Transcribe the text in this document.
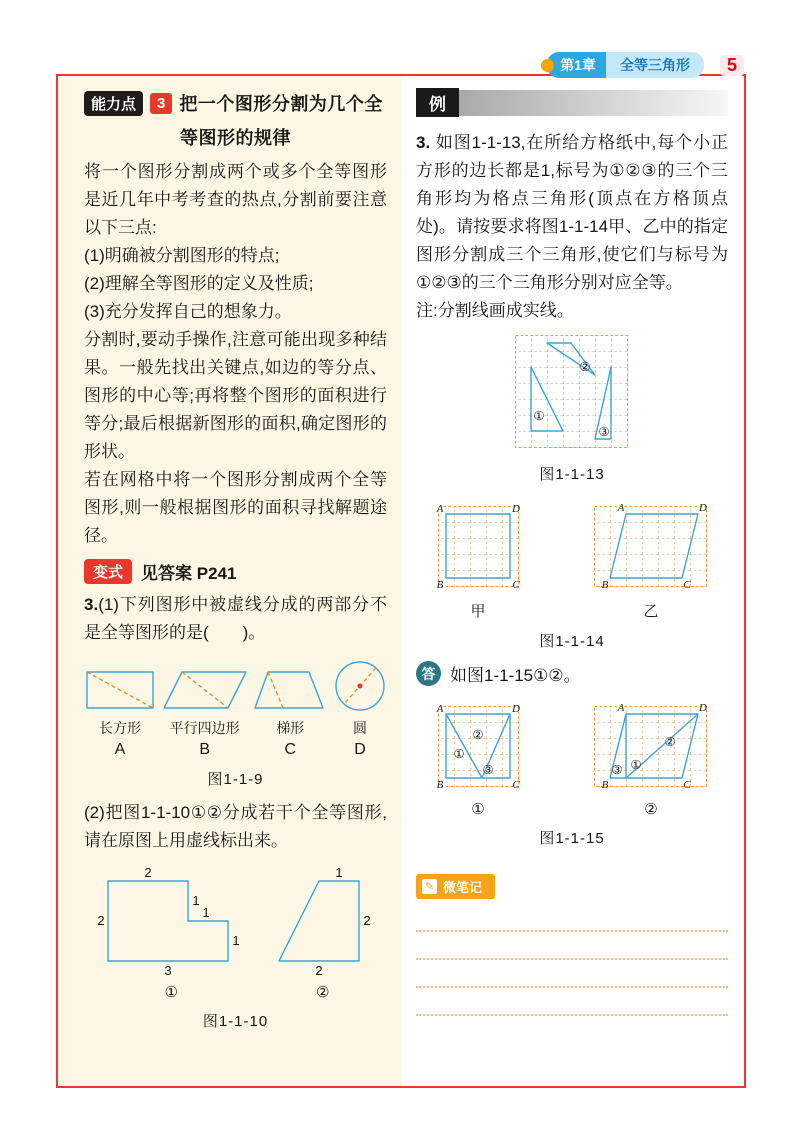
第1章	全等三角形	5
能力点	3 把一个图形分割为几个全
等图形的规律

将一个图形分割成两个或多个全等图形是近几年中考考查的热点,分割前要注意以下三点:

(1)明确被分割图形的特点;

(2)理解全等图形的定义及性质;

(3)充分发挥自己的想象力。

分割时,要动手操作,注意可能出现多种结果。一般先找出关键点,如边的等分点、图形的中心等;再将整个图形的面积进行等分;最后根据新图形的面积,确定图形的形状。

若在网格中将一个图形分割成两个全等图形,则一般根据图形的面积寻找解题途径。

变式	见答案 P241

3.(1)下列图形中被虚线分成的两部分不是全等图形的是(　　)。

长方形
A
平行四边形
B
梯形
C
圆
D
图1-1-9

(2)把图1-1-10①②分成若干个全等图形,请在原图上用虚线标出来。

2
2
1
1
1
3
①
1
2
2
②
图1-1-10
例

3. 如图1-1-13,在所给方格纸中,每个小正方形的边长都是1,标号为①②③的三个三角形均为格点三角形(顶点在方格顶点处)。请按要求将图1-1-14甲、乙中的指定图形分割成三个三角形,使它们与标号为①②③的三个三角形分别对应全等。

注:分割线画成实线。

①
②
③
图1-1-13
A	D
B	C
甲
A	D
B	C
乙
图1-1-14
答 如图1-1-15①②。
A	D
B	C
①
②
③
①
A	D
B	C
③ ①
②
②
图1-1-15
✎ 微笔记
